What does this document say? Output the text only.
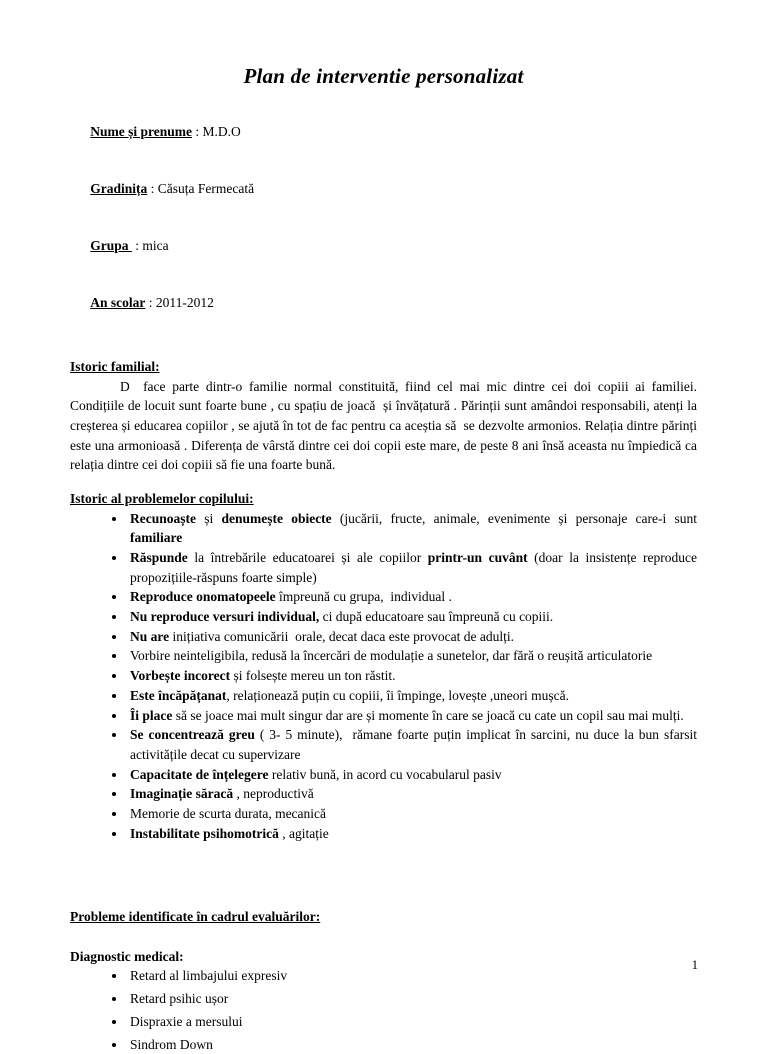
Plan de interventie personalizat

Nume și prenume : M.D.O

Gradinița : Căsuța Fermecată

Grupa  : mica

An scolar : 2011-2012

Istoric familial:

D  face parte dintr-o familie normal constituită, fiind cel mai mic dintre cei doi copiii ai familiei. Condițiile de locuit sunt foarte bune , cu spațiu de joacă  și învățatură . Părinții sunt amândoi responsabili, atenți la creșterea și educarea copiilor , se ajută în tot de fac pentru ca aceștia să  se dezvolte armonios. Relația dintre părinți este una armonioasă . Diferența de vârstă dintre cei doi copii este mare, de peste 8 ani însă aceasta nu împiedică ca relația dintre cei doi copiii să fie una foarte bună.

Istoric al problemelor copilului:
• Recunoaște și denumește obiecte (jucării, fructe, animale, evenimente și personaje care-i sunt familiare
• Răspunde la întrebările educatoarei și ale copiilor printr-un cuvânt (doar la insistențe reproduce propozițiile-răspuns foarte simple)
• Reproduce onomatopeele împreună cu grupa,  individual .
• Nu reproduce versuri individual, ci după educatoare sau împreună cu copiii.
• Nu are inițiativa comunicării  orale, decat daca este provocat de adulți.
• Vorbire neinteligibila, redusă la încercări de modulație a sunetelor, dar fără o reușită articulatorie
• Vorbește incorect și folsește mereu un ton răstit.
• Este încăpățanat, relaționează puțin cu copiii, îi împinge, lovește ,uneori mușcă.
• Îi place să se joace mai mult singur dar are și momente în care se joacă cu cate un copil sau mai mulți.
• Se concentrează greu ( 3- 5 minute),  rămane foarte puțin implicat în sarcini, nu duce la bun sfarsit activitățile decat cu supervizare
• Capacitate de înțelegere relativ bună, in acord cu vocabularul pasiv
• Imaginație săracă , neproductivă
• Memorie de scurta durata, mecanică
• Instabilitate psihomotrică , agitație
Probleme identificate în cadrul evaluărilor:
Diagnostic medical:
• Retard al limbajului expresiv
• Retard psihic ușor
• Dispraxie a mersului
• Sindrom Down
1
